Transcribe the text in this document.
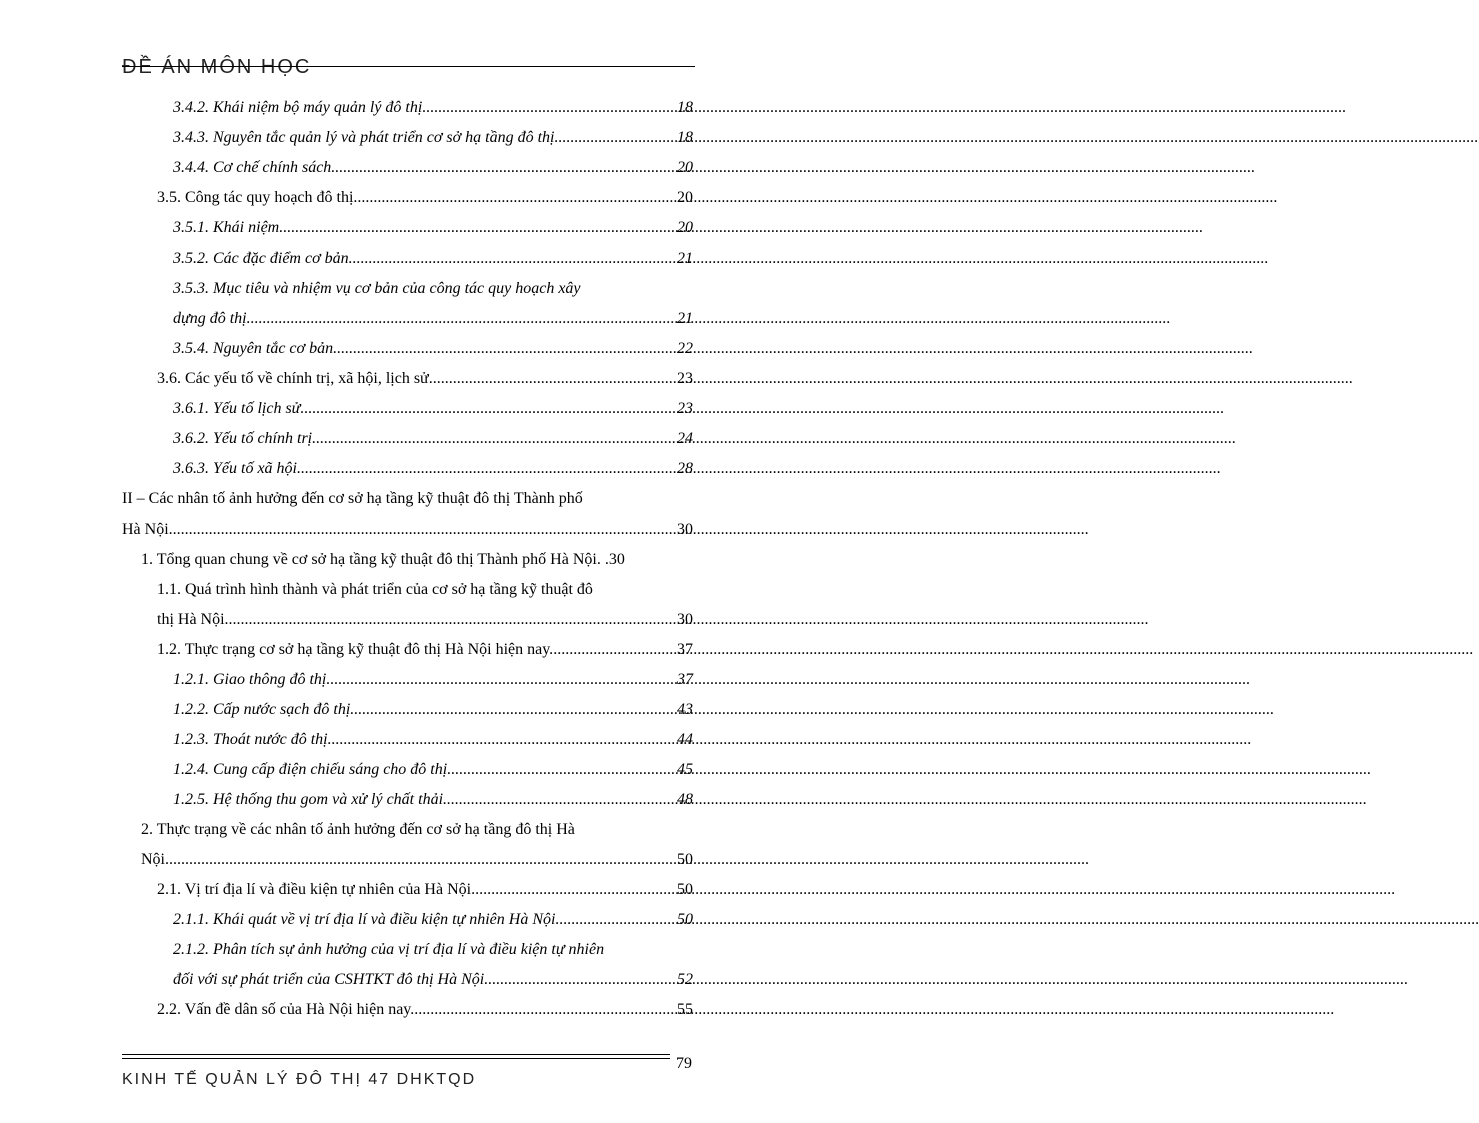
ĐỀ ÁN MÔN HỌC
3.4.2. Khái niệm bộ máy quản lý đô thị. .....	18
3.4.3. Nguyên tắc quản lý và phát triển cơ sở hạ tầng đô thị. .....	18
3.4.4. Cơ chế chính sách. .....	20
3.5. Công tác quy hoạch đô thị. .....	20
3.5.1. Khái niệm. .....	20
3.5.2. Các đặc điểm cơ bản .....	21
3.5.3. Mục tiêu và nhiệm vụ cơ bản của công tác quy hoạch xây
dựng đô thị. .....	21
3.5.4. Nguyên tắc cơ bản .....	22
3.6. Các yếu tố về chính trị, xã hội, lịch sử. .....	23
3.6.1. Yếu tố lịch sử. .....	23
3.6.2. Yếu tố chính trị. .....	24
3.6.3. Yếu tố xã hội. .....	28
II – Các nhân tố ảnh hưởng đến cơ sở hạ tầng kỹ thuật đô thị Thành phố
Hà Nội .....	30
1. Tổng quan chung về cơ sở hạ tầng kỹ thuật đô thị Thành phố Hà Nội. . 30
1.1. Quá trình hình thành và phát triển của cơ sở hạ tầng kỹ thuật đô
thị Hà Nội. .....	30
1.2. Thực trạng cơ sở hạ tầng kỹ thuật đô thị Hà Nội hiện nay. .....	37
1.2.1. Giao thông đô thị. .....	37
1.2.2. Cấp nước sạch đô thị. .....	43
1.2.3. Thoát nước đô thị. .....	44
1.2.4. Cung cấp điện chiếu sáng cho đô thị. .....	45
1.2.5. Hệ thống thu gom và xử lý chất thải. .....	48
2. Thực trạng về các nhân tố ảnh hưởng đến cơ sở hạ tầng đô thị Hà
Nội. .....	50
2.1. Vị trí địa lí và điều kiện tự nhiên của Hà Nội. .....	50
2.1.1. Khái quát về vị trí địa lí và điều kiện tự nhiên Hà Nội. .....	50
2.1.2. Phân tích sự ảnh hưởng của vị trí địa lí và điều kiện tự nhiên
đối với sự phát triển của CSHTKT đô thị Hà Nội. .....	52
2.2. Vấn đề dân số của Hà Nội hiện nay. .....	55
KINH TẾ QUẢN LÝ ĐÔ THỊ 47 DHKTQD
79
